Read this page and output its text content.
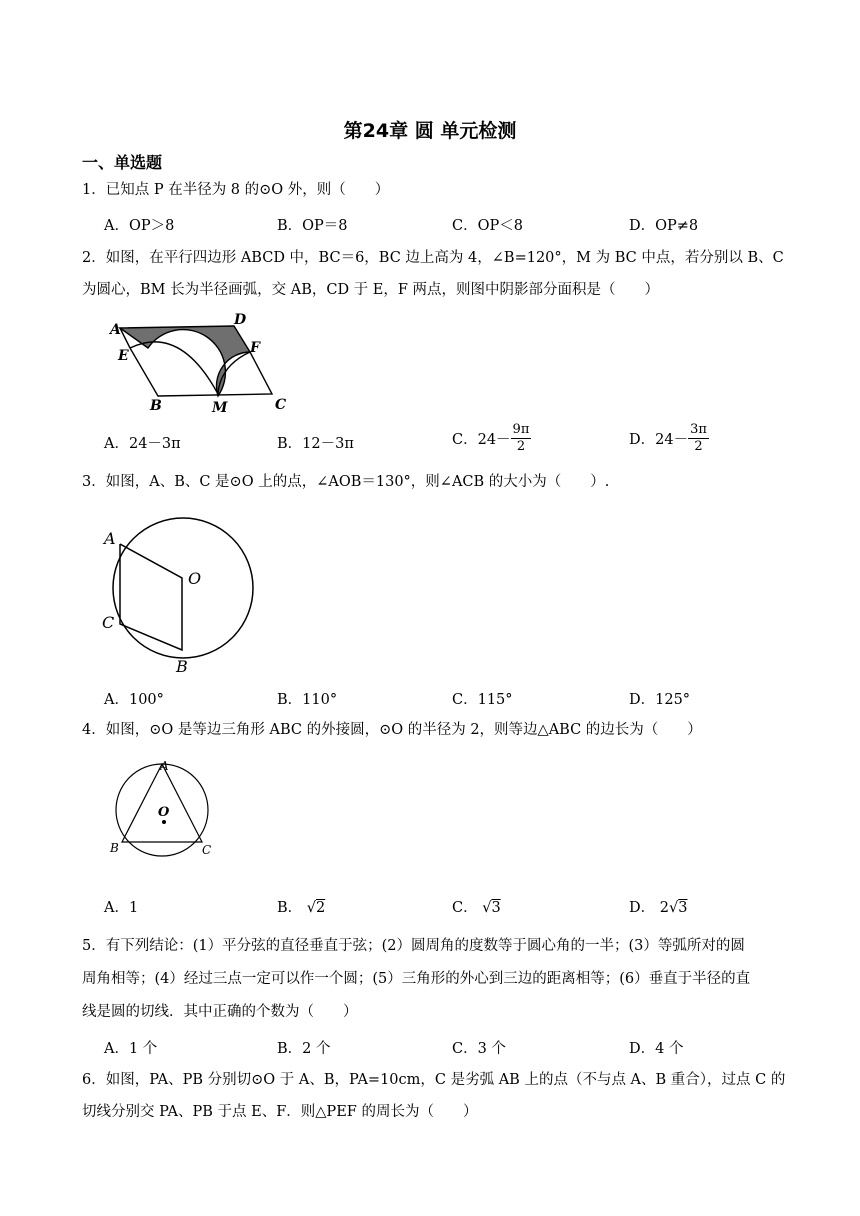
第24章 圆 单元检测
一、单选题
1．已知点 P 在半径为 8 的⊙O 外，则（　　）
A．OP＞8	B．OP＝8	C．OP＜8	D．OP≠8
2．如图，在平行四边形 ABCD 中，BC＝6，BC 边上高为 4，∠B=120°，M 为 BC 中点，若分别以 B、C
为圆心，BM 长为半径画弧，交 AB，CD 于 E，F 两点，则图中阴影部分面积是（　　）
A
D
E	F
B	M	C
A．24－3π	B．12－3π	C．$24- \frac{9\pi}{2}$	D．$24- \frac{3\pi}{2}$
3．如图，A、B、C 是⊙O 上的点，∠AOB＝130°，则∠ACB 的大小为（　　）.
A
O
C
B
A．100°	B．110°	C．115°	D．125°
4．如图，⊙O 是等边三角形 ABC 的外接圆，⊙O 的半径为 2，则等边△ABC 的边长为（　　）
A
O
B	C
A．1	B． √2	C． √3	D． 2√3
5．有下列结论：(1）平分弦的直径垂直于弦；(2）圆周角的度数等于圆心角的一半；(3）等弧所对的圆
周角相等；(4）经过三点一定可以作一个圆；(5）三角形的外心到三边的距离相等；(6）垂直于半径的直
线是圆的切线．其中正确的个数为（　　）
A．1 个	B．2 个	C．3 个	D．4 个
6．如图，PA、PB 分别切⊙O 于 A、B，PA=10cm，C 是劣弧 AB 上的点（不与点 A、B 重合），过点 C 的
切线分别交 PA、PB 于点 E、F．则△PEF 的周长为（　　）
